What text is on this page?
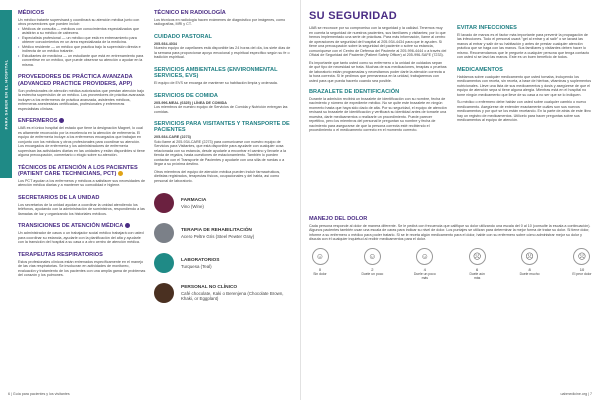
PARA SABER EN EL HOSPITAL
MÉDICOS

Un médico tratante supervisará y coordinará su atención médica junto con otros proveedores que pueden incluir:

• Médicos de consulta — médicos con conocimientos especializados que asistirán a su médico de cabecera.
• Especialista profesional — un médico que está en entrenamiento para obtener conocimientos en un área especializada de la medicina.
• Médico residente — un médico que practica bajo la supervisión directa e indirecta de un médico tratante.
• Estudiantes de medicina — un estudiante que está en entrenamiento para convertirse en un médico, que puede observar su atención o ayudar en la misma.
PROVEEDORES DE PRÁCTICA AVANZADA (ADVANCED PRACTICE PROVIDERS, APP)

Son profesionales de atención médica autorizados que prestan atención bajo la estrecha supervisión de un médico. Los proveedores de práctica avanzada incluyen a los enfermeros de práctica avanzada, asistentes médicos, enfermeras anestesistas certificadas, profesionales y enfermeras especialistas clínicas.

ENFERMEROS

UAB es el único hospital del estado que tiene la designación Magnet, lo cual es altamente reconocido por la excelencia en la atención de enfermería. El equipo de enfermería incluye a los enfermeros encargados que trabajan en conjunto con los médicos y otros profesionales para coordinar su atención. Los encargados de enfermería y los administradores de enfermería supervisan las actividades diarias en las unidades y están disponibles si tiene alguna preocupación, comentario o elogio sobre su atención.

TÉCNICOS DE ATENCIÓN A LOS PACIENTES (PATIENT CARE TECHNICIANS, PCT)

Los PCT ayudan a los enfermeros y médicos a satisfacer sus necesidades de atención médica diarias y a mantener su comodidad e higiene.

SECRETARIOS DE LA UNIDAD

Los secretarios de la unidad ayudan a coordinar la unidad atendiendo los teléfonos, ayudando con la administración de suministros, respondiendo a las llamadas de luz y organizando los historiales médicos.

TRANSICIONES DE ATENCIÓN MÉDICA

Un administrador de casos o un trabajador social médico trabajará con usted para coordinar su estancia, ayudarle con la planificación del alta y ayudarle con la transición del hospital a su casa o a otro centro de atención médica.

TERAPEUTAS RESPIRATORIOS

Estos profesionales clínicos están entrenados específicamente en el manejo de las vías respiratorias. Se involucran en actividades de monitoreo, evaluación y tratamiento de los pacientes con una amplia gama de problemas del corazón y los pulmones.

TÉCNICO EN RADIOLOGÍA

Los técnicos en radiología hacen exámenes de diagnóstico por imágenes, como radiografías, MRI y CT.

CUIDADO PASTORAL

205-934-4034

Nuestro equipo de capellanes está disponible las 24 horas del día, los siete días de la semana para proporcionar apoyo emocional y espiritual específico según su fe o tradición espiritual.

SERVICIOS AMBIENTALES (ENVIRONMENTAL SERVICES, EVS)

El equipo de EVS se encarga de mantener su habitación limpia y ordenada.

SERVICIOS DE COMIDA

205-996-MEAL (6325) | LÍNEA DE COMIDA

Los miembros de nuestro equipo de Servicios de Comida y Nutrición entregan las comidas.

SERVICIOS PARA VISITANTES Y TRANSPORTE DE PACIENTES

205-934-CARE (2273)

Solo llame al 205-934-CARE (2273) para comunicarse con nuestro equipo de Servicios para Visitantes, que está disponible para ayudarle con cualquier cosa relacionada con su estancia, desde ayudarle a encontrar el camino y llevarle a la tienda de regalos, hasta cuestiones de estacionamiento. También lo pueden contactar con el Transporte de Pacientes y ayudarle con una silla de ruedas o a llegar a su próxima destino.

Otros miembros del equipo de atención médica pueden incluir farmacéuticos, dietistas registrados, terapeutas físicos, ocupacionales y del habla, así como personal de laboratorio.

FARMACIA
Vino (Wine)
TERAPIA DE REHABILITACIÓN
Acero Peltre Gris (Steel Pewter Gray)
LABORATORIOS
Turquesa (Teal)
PERSONAL NO CLÍNICO
Café chocolate, Kaki o Berenjena (Chocolate Brown, Khaki, or Eggplant)
6 | Guía para pacientes y los visitantes
SU SEGURIDAD

UAB se reconoce por su compromiso con la seguridad y la calidad. Tenemos muy en cuenta la seguridad de nuestros pacientes, sus familiares y visitantes; por lo que hemos implementado una serie de prácticas. Para más información, llame al centro de operaciones de seguridad del hospital al 205-934-4434 para que le ayuden. Si tiene una preocupación sobre la seguridad del paciente o sobre su estancia, comuníquese con el Centro de Defensa del Paciente al 205-996-4444 o a través del Oficial de Seguridad del Paciente (Patient Safety Officer) al 205-996-SAFE (7233).

Es importante que tanto usted como su enfermero o la unidad de cuidados sepan de qué tipo de necesidad se trata. Muchas de sus medicaciones, terapias o pruebas de laboratorio están programadas y necesitamos poder darle la atención correcta a la hora correcta. Si le pedimos que permanezca en la unidad, trabajaremos con usted para que pueda hacerlo cuando sea posible.

BRAZALETE DE IDENTIFICACIÓN

Durante la admisión recibirá un brazalete de identificación con su nombre, fecha de nacimiento y número de expediente médico. No se quite este brazalete en ningún momento hasta que haya sido dado de alta. Por su seguridad, el equipo de atención revisará su brazalete de identificación y verificará su identidad antes de tomarle una muestra, darle medicamentos o realizarle un procedimiento. Puede parecer repetitivo, pero los miembros del personal le preguntan su nombre y fecha de nacimiento para asegurarse de que la persona correcta esté recibiendo el procedimiento o el medicamento correcto en el momento correcto.

EVITAR INFECCIONES

El lavado de manos es el factor más importante para prevenir la propagación de las infecciones. Todo el personal usará "gel al entrar y al salir" o se lavará las manos al entrar y salir de su habitación y antes de prestar cualquier atención práctica que se haga con las manos. Sus familiares y visitantes deben hacer lo mismo. Recomendamos que le pregunte a cualquier persona que tenga contacto con usted si se lavó las manos. Este es un buen beneficio de todos.

MEDICAMENTOS

Hablamos sobre cualquier medicamento que usted tomaba, incluyendo los medicamentos con receta, sin receta, a base de hierbas, vitaminas y suplementos nutricionales. Lleve una lista de sus medicamentos y dosis y asegúrese de que el equipo de atención sepa si tiene alguna alergia. Mientras está en el hospital no tome ningún medicamento que lleve de su casa a no ser que se lo indiquen.

Su médico o enfermero debe hablar con usted sobre cualquier cambio o nuevo medicamento. Asegúrese de entender exactamente cuáles son sus nuevos medicamentos y por qué se los están recetando. En la parte de atrás de este libro hay un registro de medicamentos. Utilícelo para hacer preguntas sobre sus medicamentos al equipo de atención.

MANEJO DEL DOLOR

Cada persona responde al dolor de manera diferente. Se le pedirá con frecuencia que califique su dolor utilizando una escala del 0 al 10 (consulte la escala a continuación). Algunos pacientes también usan una escala de caras para indicar su nivel de dolor. Los puntajes se utilizan para determinar la mejor forma de tratar su dolor. Si tiene dolor, informe a su enfermero o médico para poder tratarlo. Si se le receta algún medicamento para el dolor, hable con su enfermero sobre cómo administrar mejor su dolor y discuta con él cualquier inquietud al recibir medicamentos para el dolor.

☺
0
Sin dolor
☺
2
Duele un poco
☺
4
Duele un poco más
☹
6
Duele aún más
☹
8
Duele mucho
☹
10
El peor dolor
uabmedicine.org | 7
